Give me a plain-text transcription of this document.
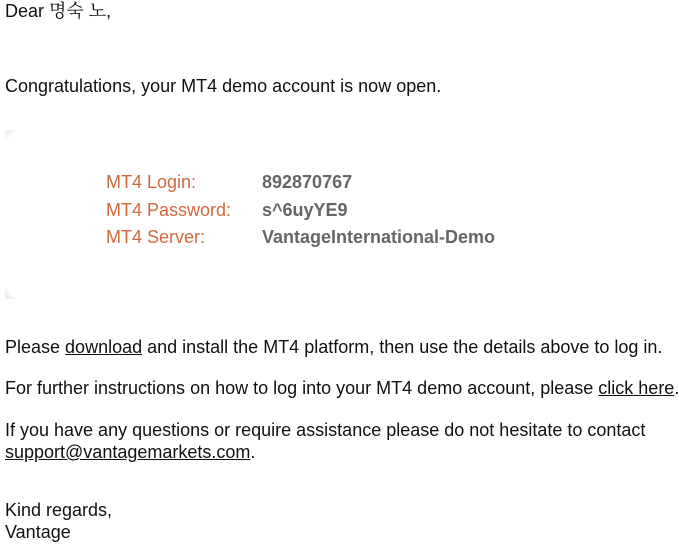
Dear 명숙 노,
Congratulations, your MT4 demo account is now open.
MT4 Login:	892870767
MT4 Password: s^6uyYE9
MT4 Server:	VantageInternational-Demo
Please download and install the MT4 platform, then use the details above to log in.
For further instructions on how to log into your MT4 demo account, please click here.
If you have any questions or require assistance please do not hesitate to contact
support@vantagemarkets.com.
Kind regards,
Vantage
